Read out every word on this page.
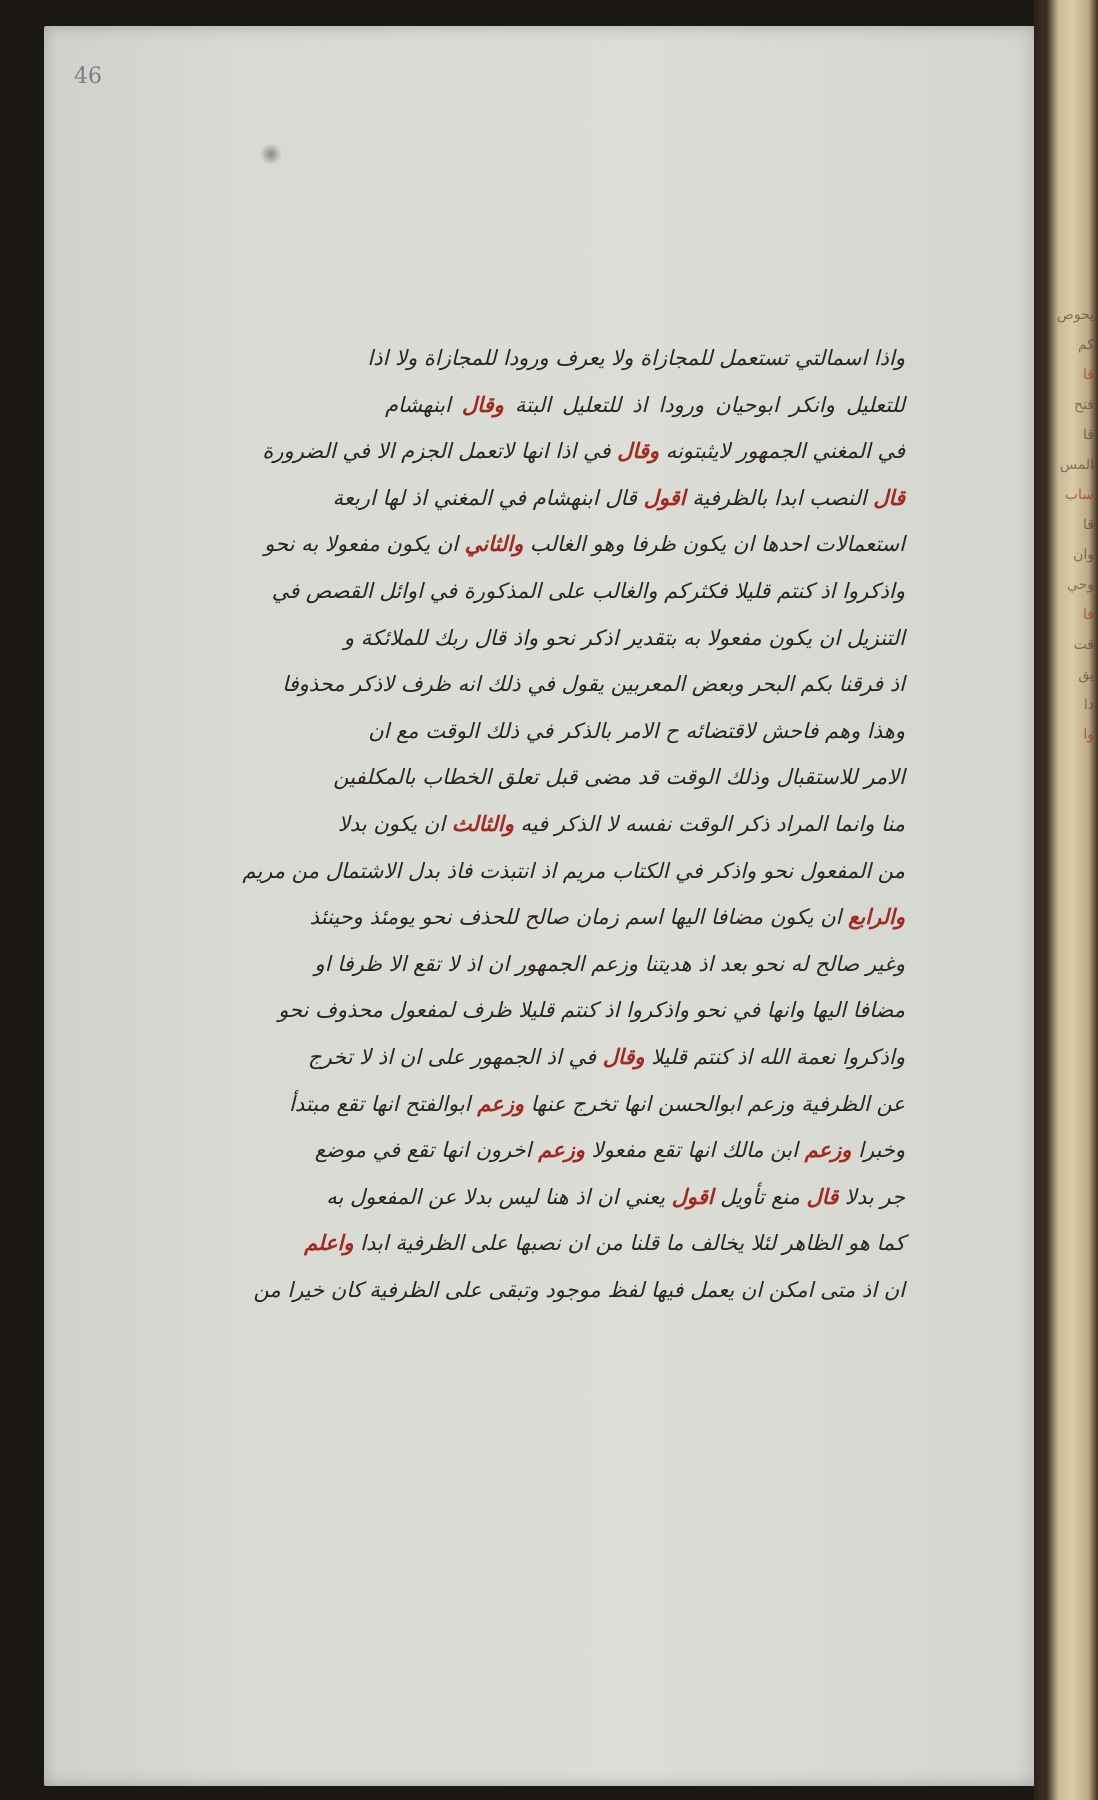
46
واذا اسمالتي تستعمل للمجازاة ولا يعرف ورودا للمجازاة ولا اذا
للتعليل وانكر ابوحيان ورودا اذ للتعليل البتة وقال ابنهشام
في المغني الجمهور لايثبتونه وقال في اذا انها لاتعمل الجزم الا في الضرورة
قال النصب ابدا بالظرفية اقول قال ابنهشام في المغني اذ لها اربعة
استعمالات احدها ان يكون ظرفا وهو الغالب والثاني ان يكون مفعولا به نحو
واذكروا اذ كنتم قليلا فكثركم والغالب على المذكورة في اوائل القصص في
التنزيل ان يكون مفعولا به بتقدير اذكر نحو واذ قال ربك للملائكة و
اذ فرقنا بكم البحر وبعض المعربين يقول في ذلك انه ظرف لاذكر محذوفا
وهذا وهم فاحش لاقتضائه ح الامر بالذكر في ذلك الوقت مع ان
الامر للاستقبال وذلك الوقت قد مضى قبل تعلق الخطاب بالمكلفين
منا وانما المراد ذكر الوقت نفسه لا الذكر فيه والثالث ان يكون بدلا
من المفعول نحو واذكر في الكتاب مريم اذ انتبذت فاذ بدل الاشتمال من مريم
والرابع ان يكون مضافا اليها اسم زمان صالح للحذف نحو يومئذ وحينئذ
وغير صالح له نحو بعد اذ هديتنا وزعم الجمهور ان اذ لا تقع الا ظرفا او
مضافا اليها وانها في نحو واذكروا اذ كنتم قليلا ظرف لمفعول محذوف نحو
واذكروا نعمة الله اذ كنتم قليلا وقال في اذ الجمهور على ان اذ لا تخرج
عن الظرفية وزعم ابوالحسن انها تخرج عنها وزعم ابوالفتح انها تقع مبتدأ
وخبرا وزعم ابن مالك انها تقع مفعولا وزعم اخرون انها تقع في موضع
جر بدلا قال منع تأويل اقول يعني ان اذ هنا ليس بدلا عن المفعول به
كما هو الظاهر لئلا يخالف ما قلنا من ان نصبها على الظرفية ابدا واعلم
ان اذ متى امكن ان يعمل فيها لفظ موجود وتبقى على الظرفية كان خيرا من
يحوص
كم
قا
فتح
قا
المس
ساب
قا
وان
وحي
فا
قت
يق
دا
وا
